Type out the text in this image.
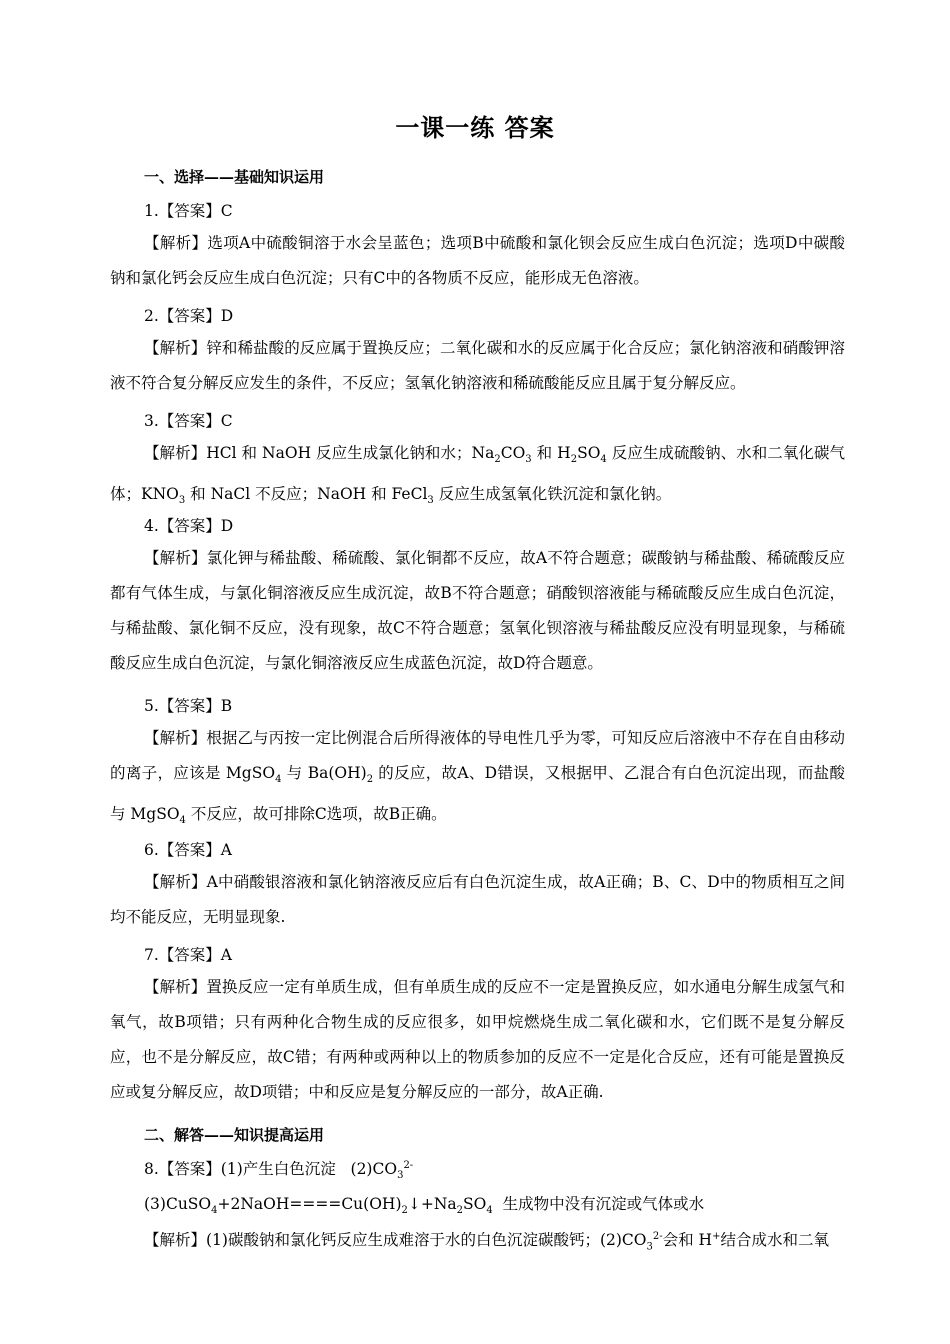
一课一练 答案
一、选择——基础知识运用
1.【答案】C
【解析】选项A中硫酸铜溶于水会呈蓝色；选项B中硫酸和氯化钡会反应生成白色沉淀；选项D中碳酸钠和氯化钙会反应生成白色沉淀；只有C中的各物质不反应，能形成无色溶液。
2.【答案】D
【解析】锌和稀盐酸的反应属于置换反应；二氧化碳和水的反应属于化合反应；氯化钠溶液和硝酸钾溶液不符合复分解反应发生的条件，不反应；氢氧化钠溶液和稀硫酸能反应且属于复分解反应。
3.【答案】C
【解析】HCl 和 NaOH 反应生成氯化钠和水；$Na_2CO_3$ 和 $H_2SO_4$ 反应生成硫酸钠、水和二氧化碳气体；$KNO_3$ 和 NaCl 不反应；NaOH 和 FeCl$_3$ 反应生成氢氧化铁沉淀和氯化钠。
4.【答案】D
【解析】氯化钾与稀盐酸、稀硫酸、氯化铜都不反应，故A不符合题意；碳酸钠与稀盐酸、稀硫酸反应都有气体生成，与氯化铜溶液反应生成沉淀，故B不符合题意；硝酸钡溶液能与稀硫酸反应生成白色沉淀，与稀盐酸、氯化铜不反应，没有现象，故C不符合题意；氢氧化钡溶液与稀盐酸反应没有明显现象，与稀硫酸反应生成白色沉淀，与氯化铜溶液反应生成蓝色沉淀，故D符合题意。
5.【答案】B
【解析】根据乙与丙按一定比例混合后所得液体的导电性几乎为零，可知反应后溶液中不存在自由移动的离子，应该是 MgSO$_4$ 与 $Ba(OH)_2$ 的反应，故A、D错误，又根据甲、乙混合有白色沉淀出现，而盐酸与 MgSO$_4$ 不反应，故可排除C选项，故B正确。
6.【答案】A
【解析】A中硝酸银溶液和氯化钠溶液反应后有白色沉淀生成，故A正确；B、C、D中的物质相互之间均不能反应，无明显现象.
7.【答案】A
【解析】置换反应一定有单质生成，但有单质生成的反应不一定是置换反应，如水通电分解生成氢气和氧气，故B项错；只有两种化合物生成的反应很多，如甲烷燃烧生成二氧化碳和水，它们既不是复分解反应，也不是分解反应，故C错；有两种或两种以上的物质参加的反应不一定是化合反应，还有可能是置换反应或复分解反应，故D项错；中和反应是复分解反应的一部分，故A正确.
二、解答——知识提高运用
8.【答案】(1)产生白色沉淀   $(2)CO_3^{2-}$
$(3)CuSO_4+2NaOH====Cu(OH)_2↓+Na_2SO_4$  生成物中没有沉淀或气体或水
【解析】(1)碳酸钠和氯化钙反应生成难溶于水的白色沉淀碳酸钙；$(2)CO_3^{2-}$会和 H+结合成水和二氧
